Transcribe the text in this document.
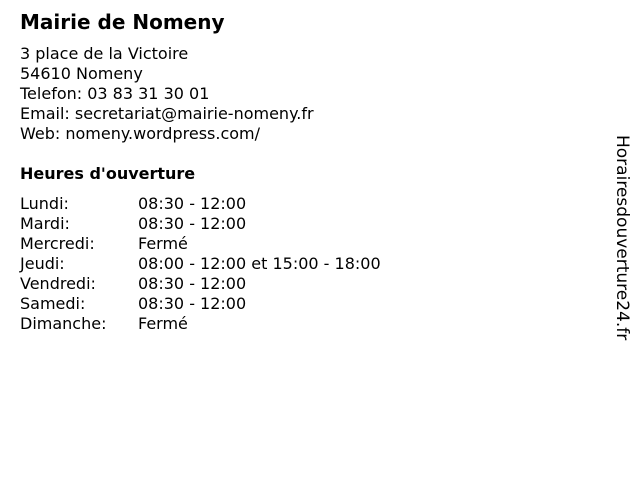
Mairie de Nomeny
3 place de la Victoire
54610 Nomeny
Telefon: 03 83 31 30 01
Email: secretariat@mairie-nomeny.fr
Web: nomeny.wordpress.com/
Heures d'ouverture
Lundi:	08:30 - 12:00
Mardi:	08:30 - 12:00
Mercredi:	Fermé
Jeudi:	08:00 - 12:00 et 15:00 - 18:00
Vendredi:	08:30 - 12:00
Samedi:	08:30 - 12:00
Dimanche:	Fermé	Horairesdouverture24.fr
